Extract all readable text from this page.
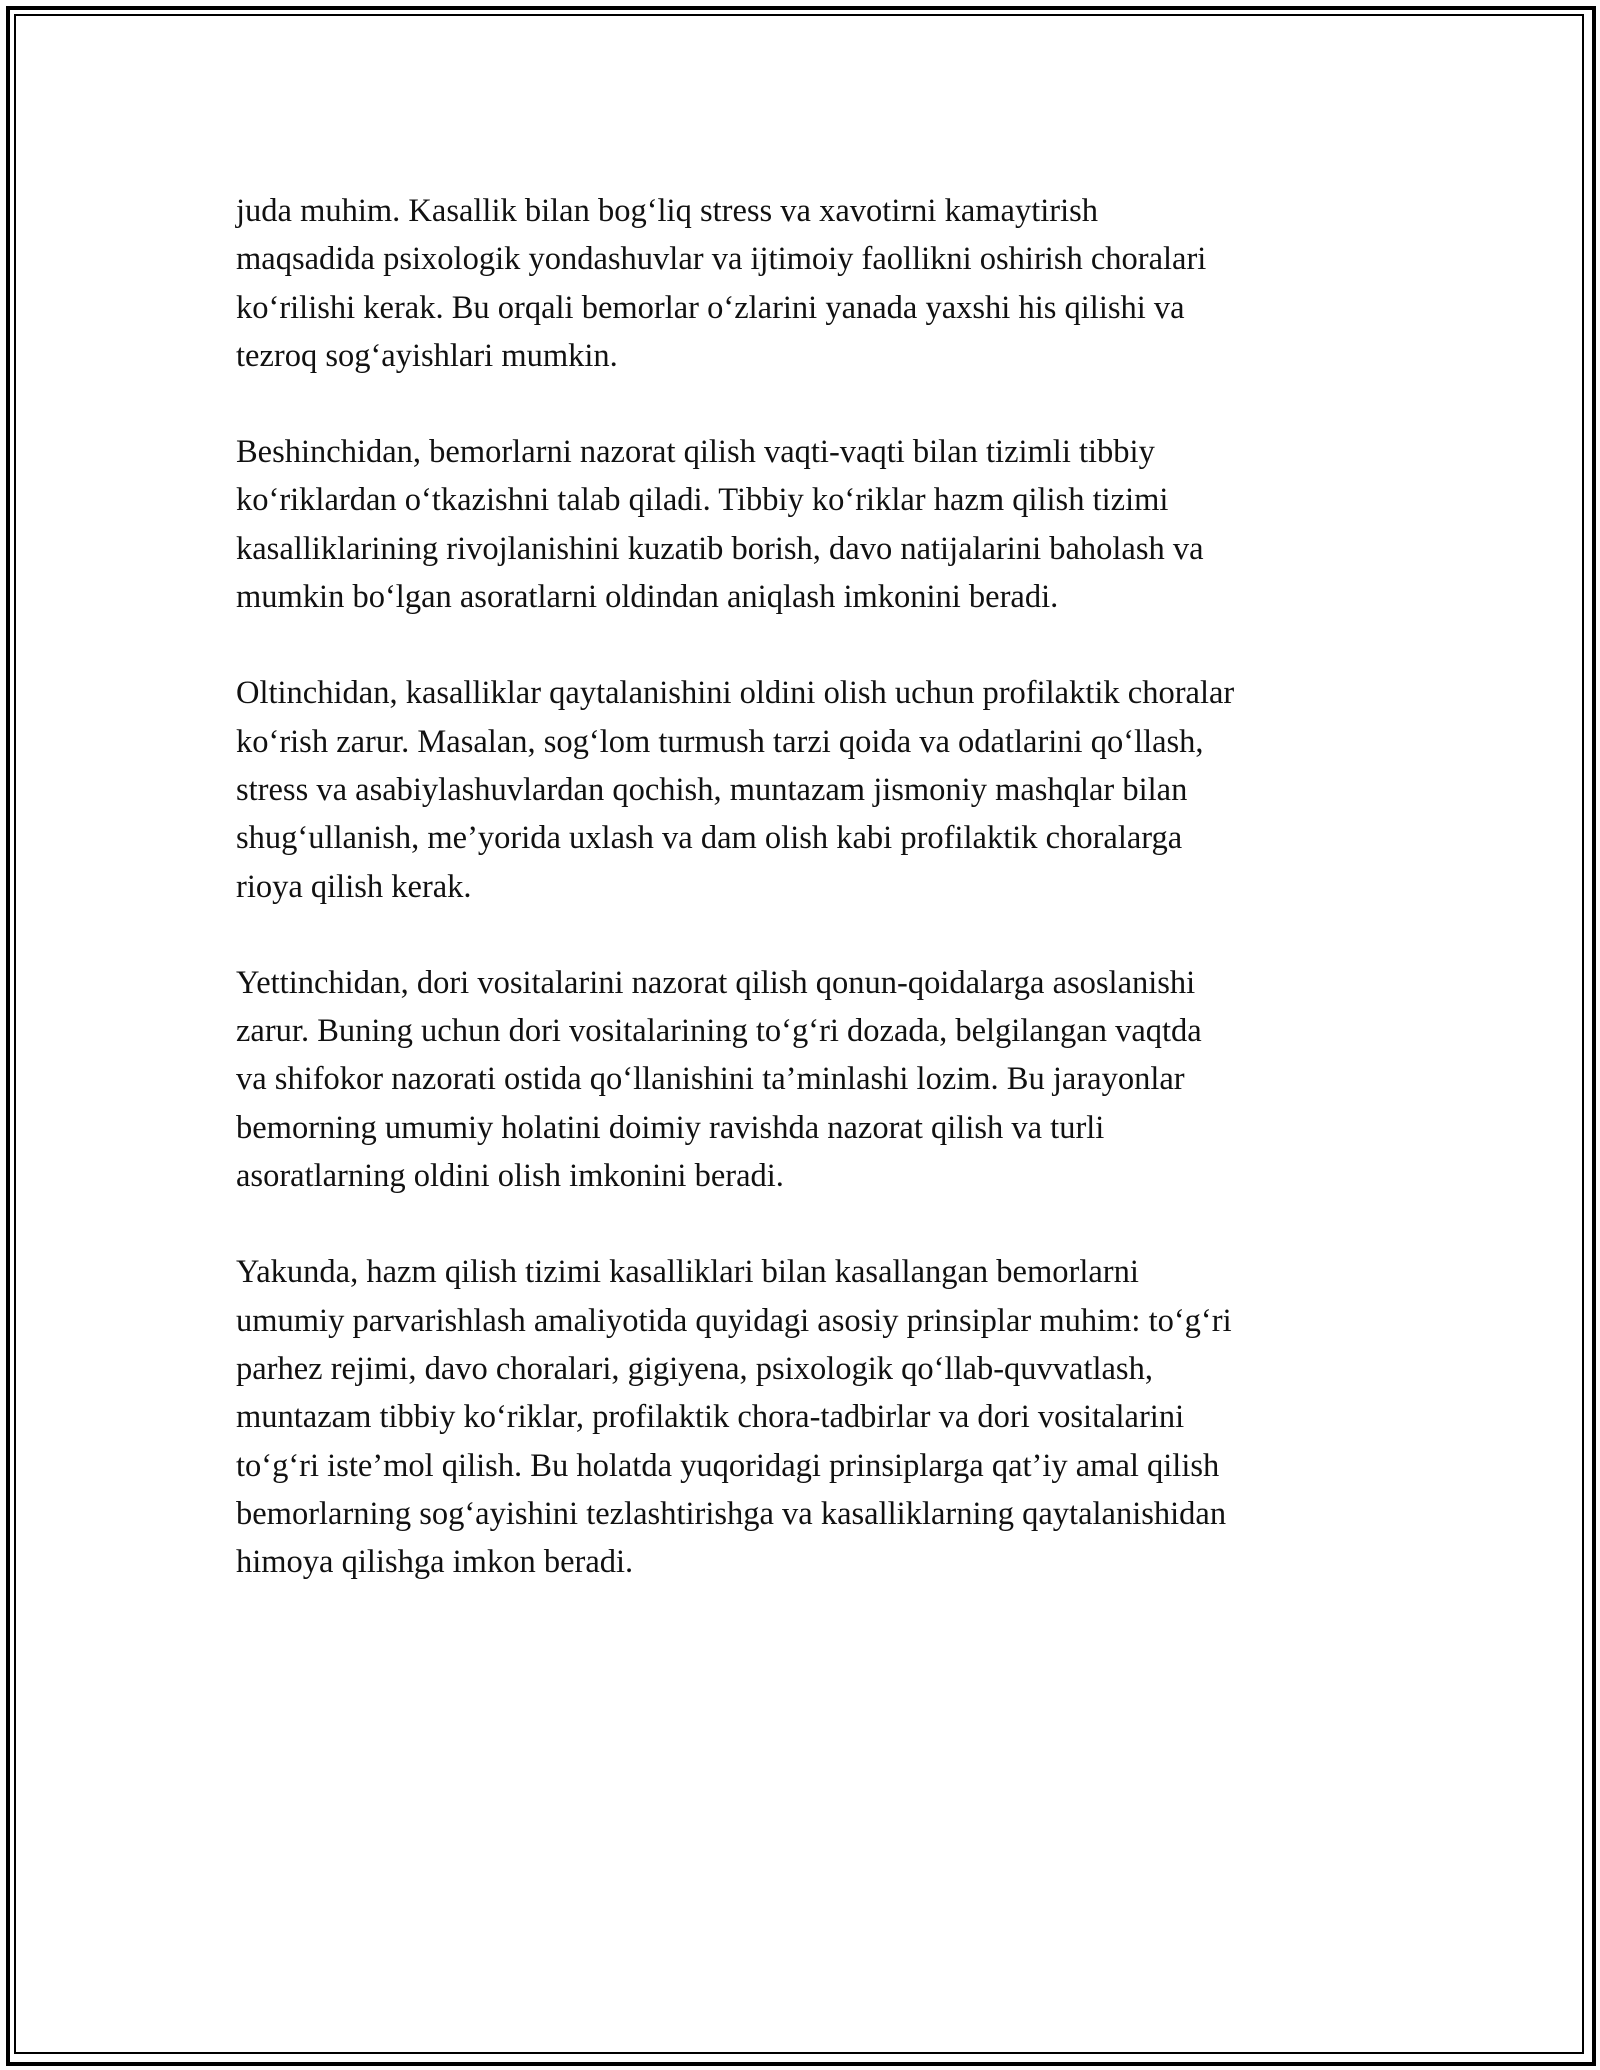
juda muhim. Kasallik bilan bog‘liq stress va xavotirni kamaytirish
maqsadida psixologik yondashuvlar va ijtimoiy faollikni oshirish choralari
ko‘rilishi kerak. Bu orqali bemorlar o‘zlarini yanada yaxshi his qilishi va
tezroq sog‘ayishlari mumkin.

Beshinchidan, bemorlarni nazorat qilish vaqti-vaqti bilan tizimli tibbiy
ko‘riklardan o‘tkazishni talab qiladi. Tibbiy ko‘riklar hazm qilish tizimi
kasalliklarining rivojlanishini kuzatib borish, davo natijalarini baholash va
mumkin bo‘lgan asoratlarni oldindan aniqlash imkonini beradi.

Oltinchidan, kasalliklar qaytalanishini oldini olish uchun profilaktik choralar
ko‘rish zarur. Masalan, sog‘lom turmush tarzi qoida va odatlarini qo‘llash,
stress va asabiylashuvlardan qochish, muntazam jismoniy mashqlar bilan
shug‘ullanish, me’yorida uxlash va dam olish kabi profilaktik choralarga
rioya qilish kerak.

Yettinchidan, dori vositalarini nazorat qilish qonun-qoidalarga asoslanishi
zarur. Buning uchun dori vositalarining to‘g‘ri dozada, belgilangan vaqtda
va shifokor nazorati ostida qo‘llanishini ta’minlashi lozim. Bu jarayonlar
bemorning umumiy holatini doimiy ravishda nazorat qilish va turli
asoratlarning oldini olish imkonini beradi.

Yakunda, hazm qilish tizimi kasalliklari bilan kasallangan bemorlarni
umumiy parvarishlash amaliyotida quyidagi asosiy prinsiplar muhim: to‘g‘ri
parhez rejimi, davo choralari, gigiyena, psixologik qo‘llab-quvvatlash,
muntazam tibbiy ko‘riklar, profilaktik chora-tadbirlar va dori vositalarini
to‘g‘ri iste’mol qilish. Bu holatda yuqoridagi prinsiplarga qat’iy amal qilish
bemorlarning sog‘ayishini tezlashtirishga va kasalliklarning qaytalanishidan
himoya qilishga imkon beradi.
